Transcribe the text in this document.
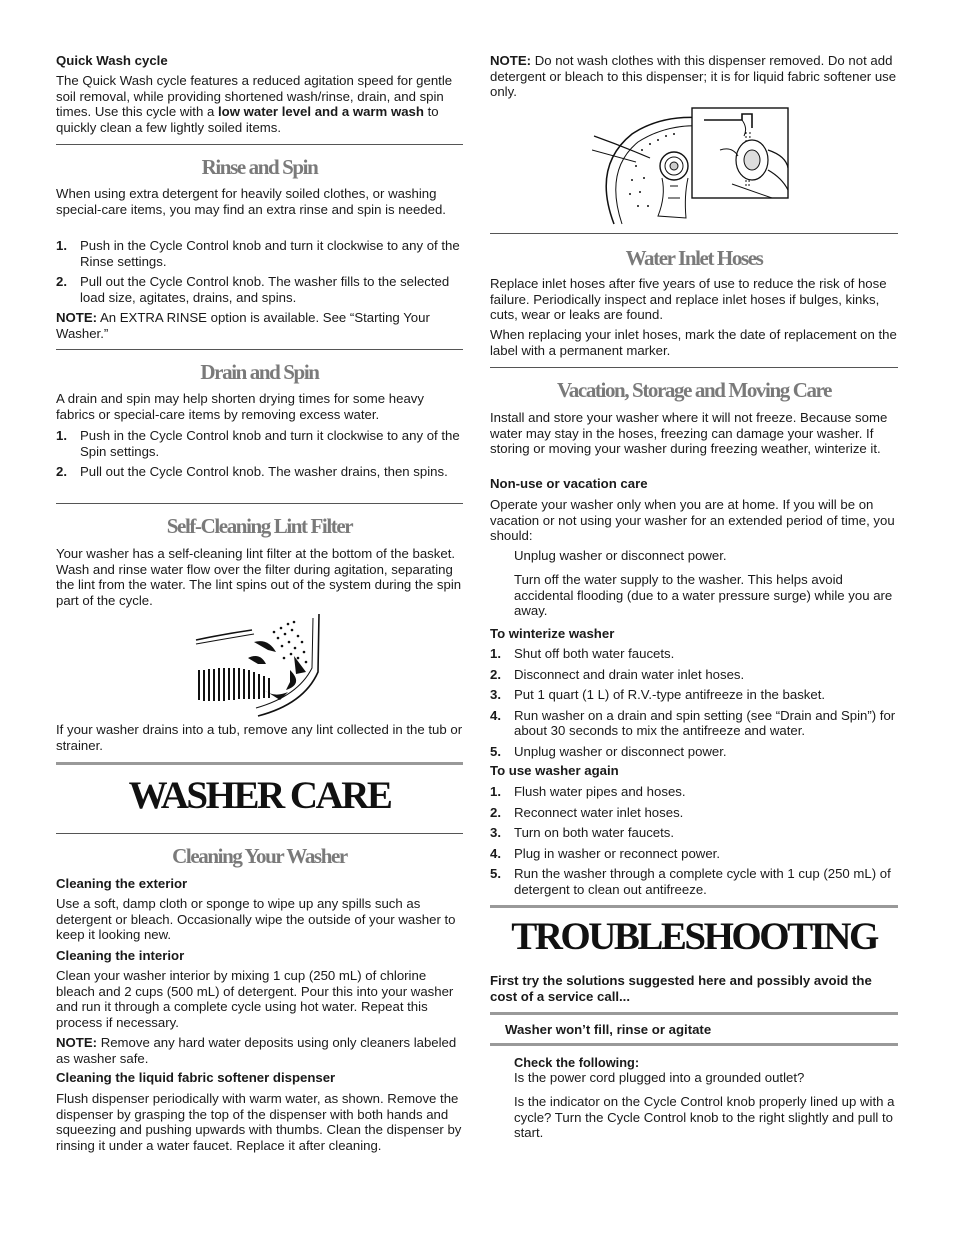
Quick Wash cycle

The Quick Wash cycle features a reduced agitation speed for gentle soil removal, while providing shortened wash/rinse, drain, and spin times. Use this cycle with a low water level and a warm wash to quickly clean a few lightly soiled items.

Rinse and Spin

When using extra detergent for heavily soiled clothes, or washing special-care items, you may find an extra rinse and spin is needed.

1. Push in the Cycle Control knob and turn it clockwise to any of the Rinse settings.
2. Pull out the Cycle Control knob. The washer fills to the selected load size, agitates, drains, and spins.

NOTE: An EXTRA RINSE option is available. See “Starting Your Washer.”

Drain and Spin

A drain and spin may help shorten drying times for some heavy fabrics or special-care items by removing excess water.

1. Push in the Cycle Control knob and turn it clockwise to any of the Spin settings.
2. Pull out the Cycle Control knob. The washer drains, then spins.
Self-Cleaning Lint Filter

Your washer has a self-cleaning lint filter at the bottom of the basket. Wash and rinse water flow over the filter during agitation, separating the lint from the water. The lint spins out of the system during the spin part of the cycle.

If your washer drains into a tub, remove any lint collected in the tub or strainer.

WASHER CARE
Cleaning Your Washer

Cleaning the exterior

Use a soft, damp cloth or sponge to wipe up any spills such as detergent or bleach. Occasionally wipe the outside of your washer to keep it looking new.

Cleaning the interior

Clean your washer interior by mixing 1 cup (250 mL) of chlorine bleach and 2 cups (500 mL) of detergent. Pour this into your washer and run it through a complete cycle using hot water. Repeat this process if necessary.

NOTE: Remove any hard water deposits using only cleaners labeled as washer safe.

Cleaning the liquid fabric softener dispenser

Flush dispenser periodically with warm water, as shown. Remove the dispenser by grasping the top of the dispenser with both hands and squeezing and pushing upwards with thumbs. Clean the dispenser by rinsing it under a water faucet. Replace it after cleaning.

NOTE: Do not wash clothes with this dispenser removed. Do not add detergent or bleach to this dispenser; it is for liquid fabric softener use only.

Water Inlet Hoses

Replace inlet hoses after five years of use to reduce the risk of hose failure. Periodically inspect and replace inlet hoses if bulges, kinks, cuts, wear or leaks are found.

When replacing your inlet hoses, mark the date of replacement on the label with a permanent marker.

Vacation, Storage and Moving Care

Install and store your washer where it will not freeze. Because some water may stay in the hoses, freezing can damage your washer. If storing or moving your washer during freezing weather, winterize it.

Non-use or vacation care

Operate your washer only when you are at home. If you will be on vacation or not using your washer for an extended period of time, you should:

Unplug washer or disconnect power.

Turn off the water supply to the washer. This helps avoid accidental flooding (due to a water pressure surge) while you are away.

To winterize washer

1. Shut off both water faucets.
2. Disconnect and drain water inlet hoses.
3. Put 1 quart (1 L) of R.V.-type antifreeze in the basket.
4. Run washer on a drain and spin setting (see “Drain and Spin”) for about 30 seconds to mix the antifreeze and water.
5. Unplug washer or disconnect power.

To use washer again

1. Flush water pipes and hoses.
2. Reconnect water inlet hoses.
3. Turn on both water faucets.
4. Plug in washer or reconnect power.
5. Run the washer through a complete cycle with 1 cup (250 mL) of detergent to clean out antifreeze.
TROUBLESHOOTING

First try the solutions suggested here and possibly avoid the cost of a service call...

Washer won’t fill, rinse or agitate

Check the following:

Is the power cord plugged into a grounded outlet?

Is the indicator on the Cycle Control knob properly lined up with a cycle? Turn the Cycle Control knob to the right slightly and pull to start.
